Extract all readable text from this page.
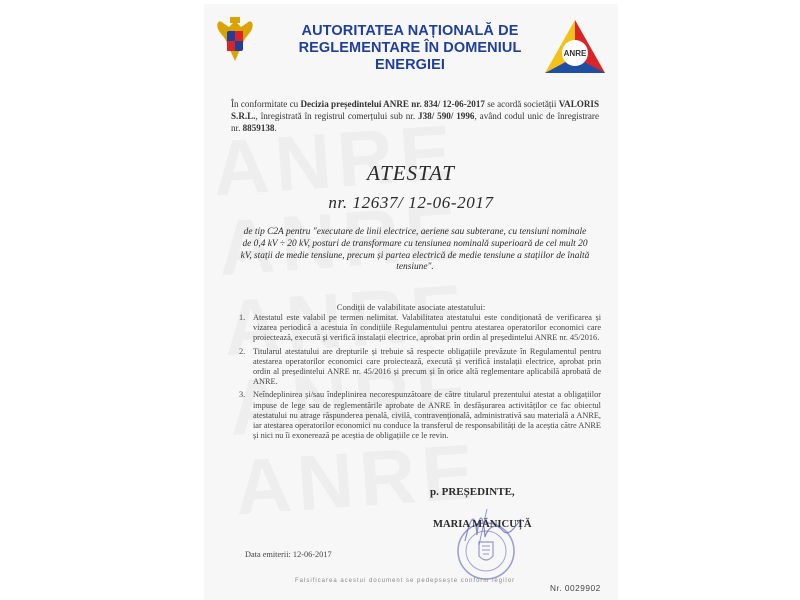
AUTORITATEA NAȚIONALĂ DE
REGLEMENTARE ÎN DOMENIUL ENERGIEI
ANRE
În conformitate cu Decizia președintelui ANRE nr. 834/ 12-06-2017 se acordă societății VALORIS S.R.L., înregistrată în registrul comerțului sub nr. J38/ 590/ 1996, având codul unic de înregistrare nr. 8859138.
ATESTAT
nr. 12637/ 12-06-2017
de tip C2A pentru "executare de linii electrice, aeriene sau subterane, cu tensiuni nominale de 0,4 kV ÷ 20 kV, posturi de transformare cu tensiunea nominală superioară de cel mult 20 kV, stații de medie tensiune, precum și partea electrică de medie tensiune a stațiilor de înaltă tensiune".
Condiții de valabilitate asociate atestatului:
1. Atestatul este valabil pe termen nelimitat. Valabilitatea atestatului este condiționată de verificarea și vizarea periodică a acestuia în condițiile Regulamentului pentru atestarea operatorilor economici care proiectează, execută și verifică instalații electrice, aprobat prin ordin al președintelui ANRE nr. 45/2016.
2. Titularul atestatului are drepturile și trebuie să respecte obligațiile prevăzute în Regulamentul pentru atestarea operatorilor economici care proiectează, execută și verifică instalații electrice, aprobat prin ordin al președintelui ANRE nr. 45/2016 și precum și în orice altă reglementare aplicabilă aprobată de ANRE.
3. Neîndeplinirea și/sau îndeplinirea necorespunzătoare de către titularul prezentului atestat a obligațiilor impuse de lege sau de reglementările aprobate de ANRE în desfășurarea activităților ce fac obiectul atestatului nu atrage răspunderea penală, civilă, contravențională, administrativă sau materială a ANRE, iar atestarea operatorilor economici nu conduce la transferul de responsabilități de la aceștia către ANRE și nici nu îi exonerează pe aceștia de obligațiile ce le revin.
p. PREȘEDINTE,
MARIA MĂNICUȚĂ
Data emiterii: 12-06-2017
Falsificarea acestui document se pedepsește conform legilor
Nr. 0029902
